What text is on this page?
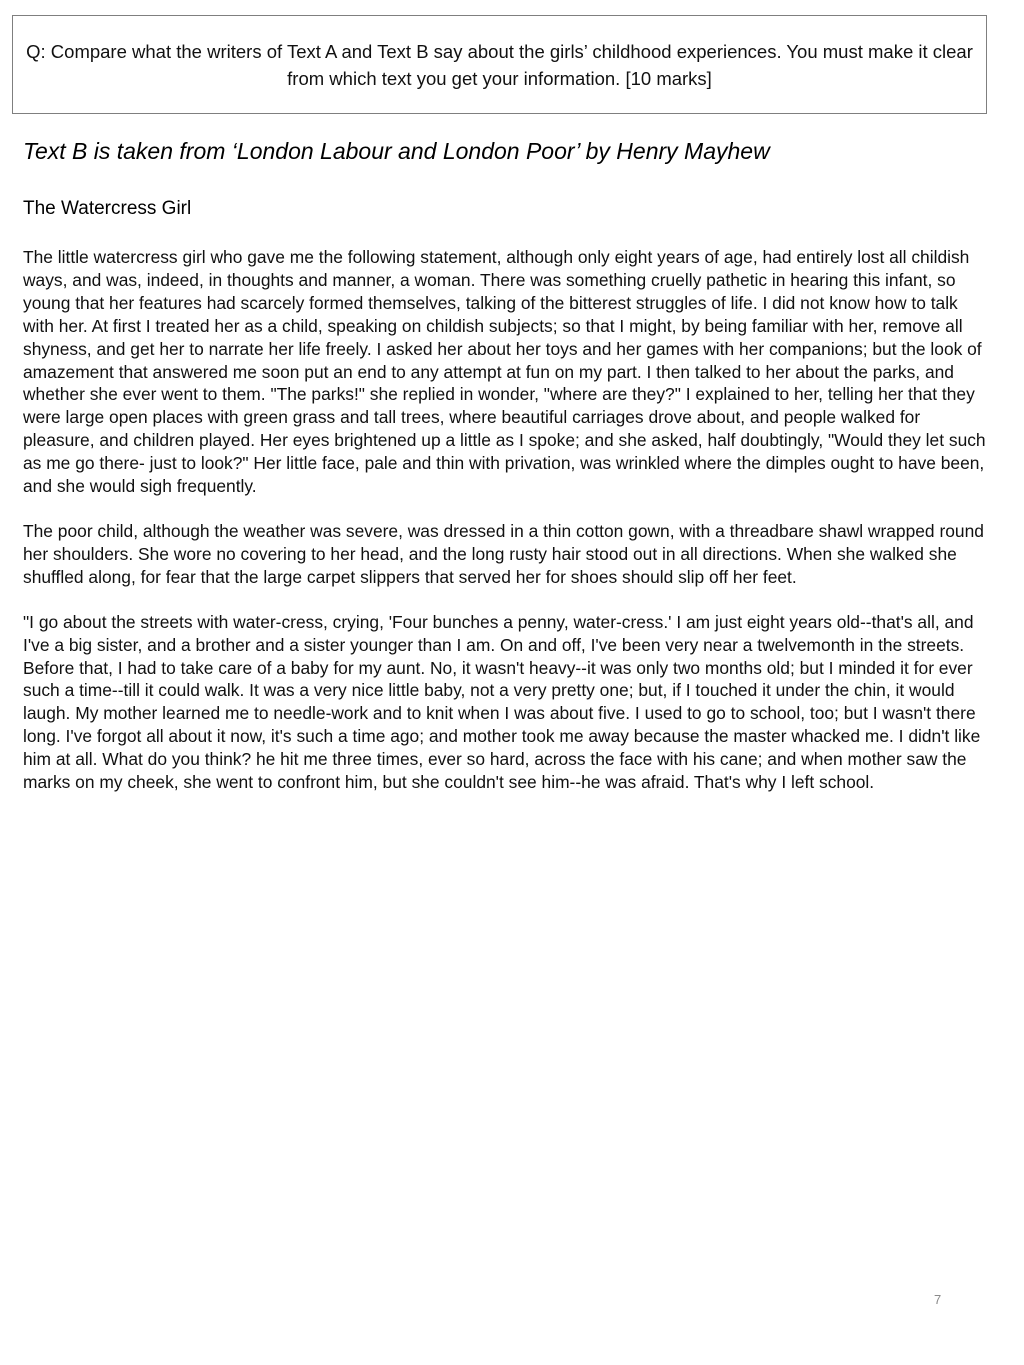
Q: Compare what the writers of Text A and Text B say about the girls’ childhood experiences. You must make it clear from which text you get your information. [10 marks]
Text B is taken from ‘London Labour and London Poor’ by Henry Mayhew
The Watercress Girl

The little watercress girl who gave me the following statement, although only eight years of age, had entirely lost all childish ways, and was, indeed, in thoughts and manner, a woman. There was something cruelly pathetic in hearing this infant, so young that her features had scarcely formed themselves, talking of the bitterest struggles of life. I did not know how to talk with her. At first I treated her as a child, speaking on childish subjects; so that I might, by being familiar with her, remove all shyness, and get her to narrate her life freely. I asked her about her toys and her games with her companions; but the look of amazement that answered me soon put an end to any attempt at fun on my part. I then talked to her about the parks, and whether she ever went to them. "The parks!" she replied in wonder, "where are they?" I explained to her, telling her that they were large open places with green grass and tall trees, where beautiful carriages drove about, and people walked for pleasure, and children played. Her eyes brightened up a little as I spoke; and she asked, half doubtingly, "Would they let such as me go there- just to look?" Her little face, pale and thin with privation, was wrinkled where the dimples ought to have been, and she would sigh frequently.

The poor child, although the weather was severe, was dressed in a thin cotton gown, with a threadbare shawl wrapped round her shoulders. She wore no covering to her head, and the long rusty hair stood out in all directions. When she walked she shuffled along, for fear that the large carpet slippers that served her for shoes should slip off her feet.

"I go about the streets with water-cress, crying, 'Four bunches a penny, water-cress.' I am just eight years old--that's all, and I've a big sister, and a brother and a sister younger than I am. On and off, I've been very near a twelvemonth in the streets. Before that, I had to take care of a baby for my aunt. No, it wasn't heavy--it was only two months old; but I minded it for ever such a time--till it could walk. It was a very nice little baby, not a very pretty one; but, if I touched it under the chin, it would laugh. My mother learned me to needle-work and to knit when I was about five. I used to go to school, too; but I wasn't there long. I've forgot all about it now, it's such a time ago; and mother took me away because the master whacked me. I didn't like him at all. What do you think? he hit me three times, ever so hard, across the face with his cane; and when mother saw the marks on my cheek, she went to confront him, but she couldn't see him--he was afraid. That's why I left school.

7
